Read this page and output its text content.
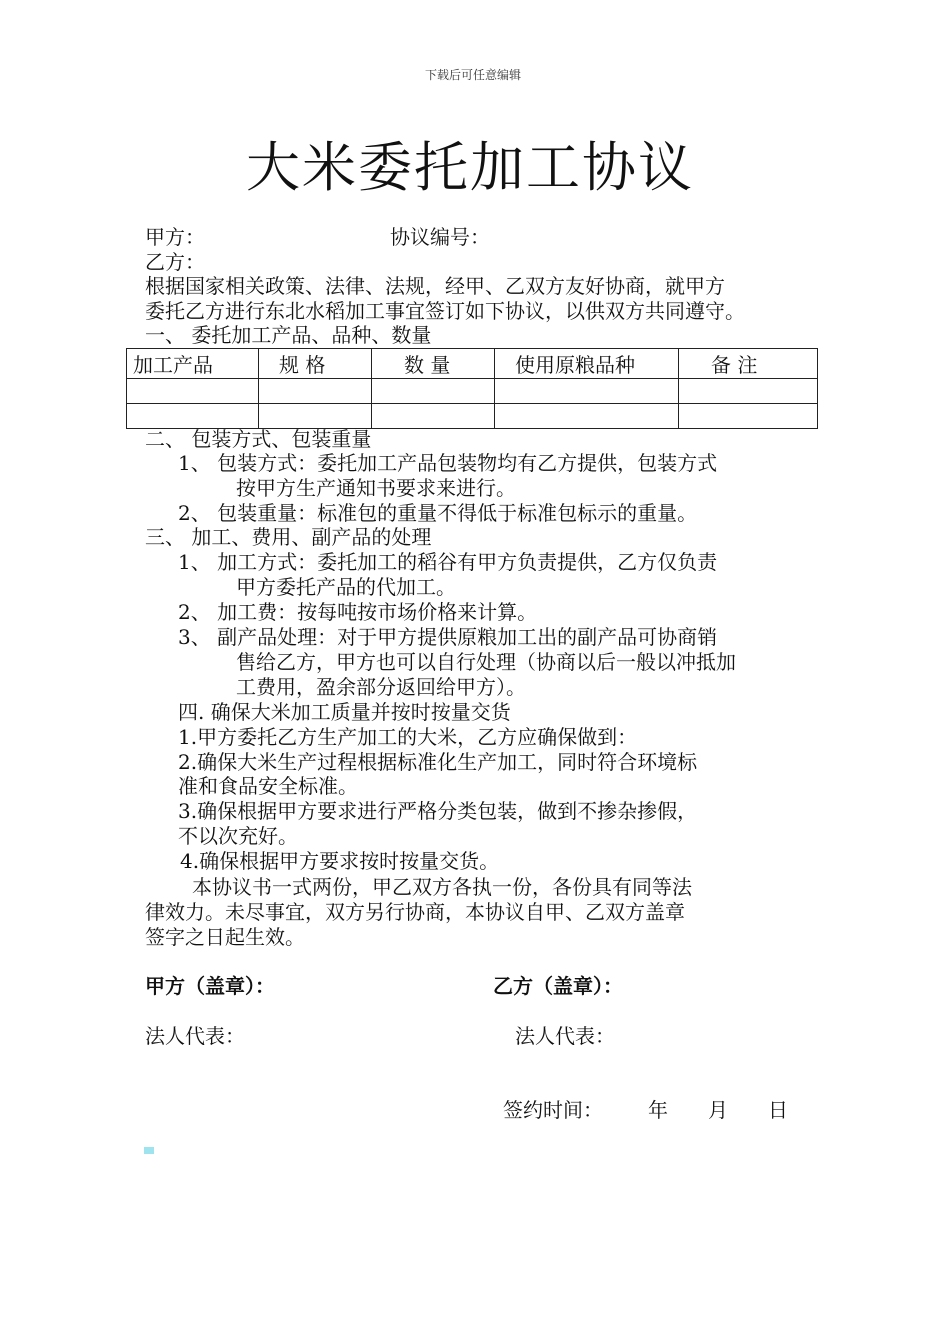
下载后可任意编辑
大米委托加工协议
甲方：	协议编号：
乙方：
根据国家相关政策、法律、法规，经甲、乙双方友好协商，就甲方
委托乙方进行东北水稻加工事宜签订如下协议，以供双方共同遵守。
一、 委托加工产品、品种、数量
加工产品	规 格	数 量	使用原粮品种	备 注

二、 包装方式、包装重量
1、 包装方式：委托加工产品包装物均有乙方提供，包装方式
按甲方生产通知书要求来进行。
2、 包装重量：标准包的重量不得低于标准包标示的重量。
三、 加工、费用、副产品的处理
1、 加工方式：委托加工的稻谷有甲方负责提供，乙方仅负责
甲方委托产品的代加工。
2、 加工费：按每吨按市场价格来计算。
3、 副产品处理：对于甲方提供原粮加工出的副产品可协商销
售给乙方，甲方也可以自行处理（协商以后一般以冲抵加
工费用，盈余部分返回给甲方）。
四. 确保大米加工质量并按时按量交货
1.甲方委托乙方生产加工的大米，乙方应确保做到：
2.确保大米生产过程根据标准化生产加工，同时符合环境标
准和食品安全标准。
3.确保根据甲方要求进行严格分类包装，做到不掺杂掺假，
不以次充好。
4.确保根据甲方要求按时按量交货。
本协议书一式两份，甲乙双方各执一份，各份具有同等法
律效力。未尽事宜，双方另行协商，本协议自甲、乙双方盖章
签字之日起生效。
甲方（盖章）：	乙方（盖章）：
法人代表：	法人代表：
签约时间： 年 月 日
